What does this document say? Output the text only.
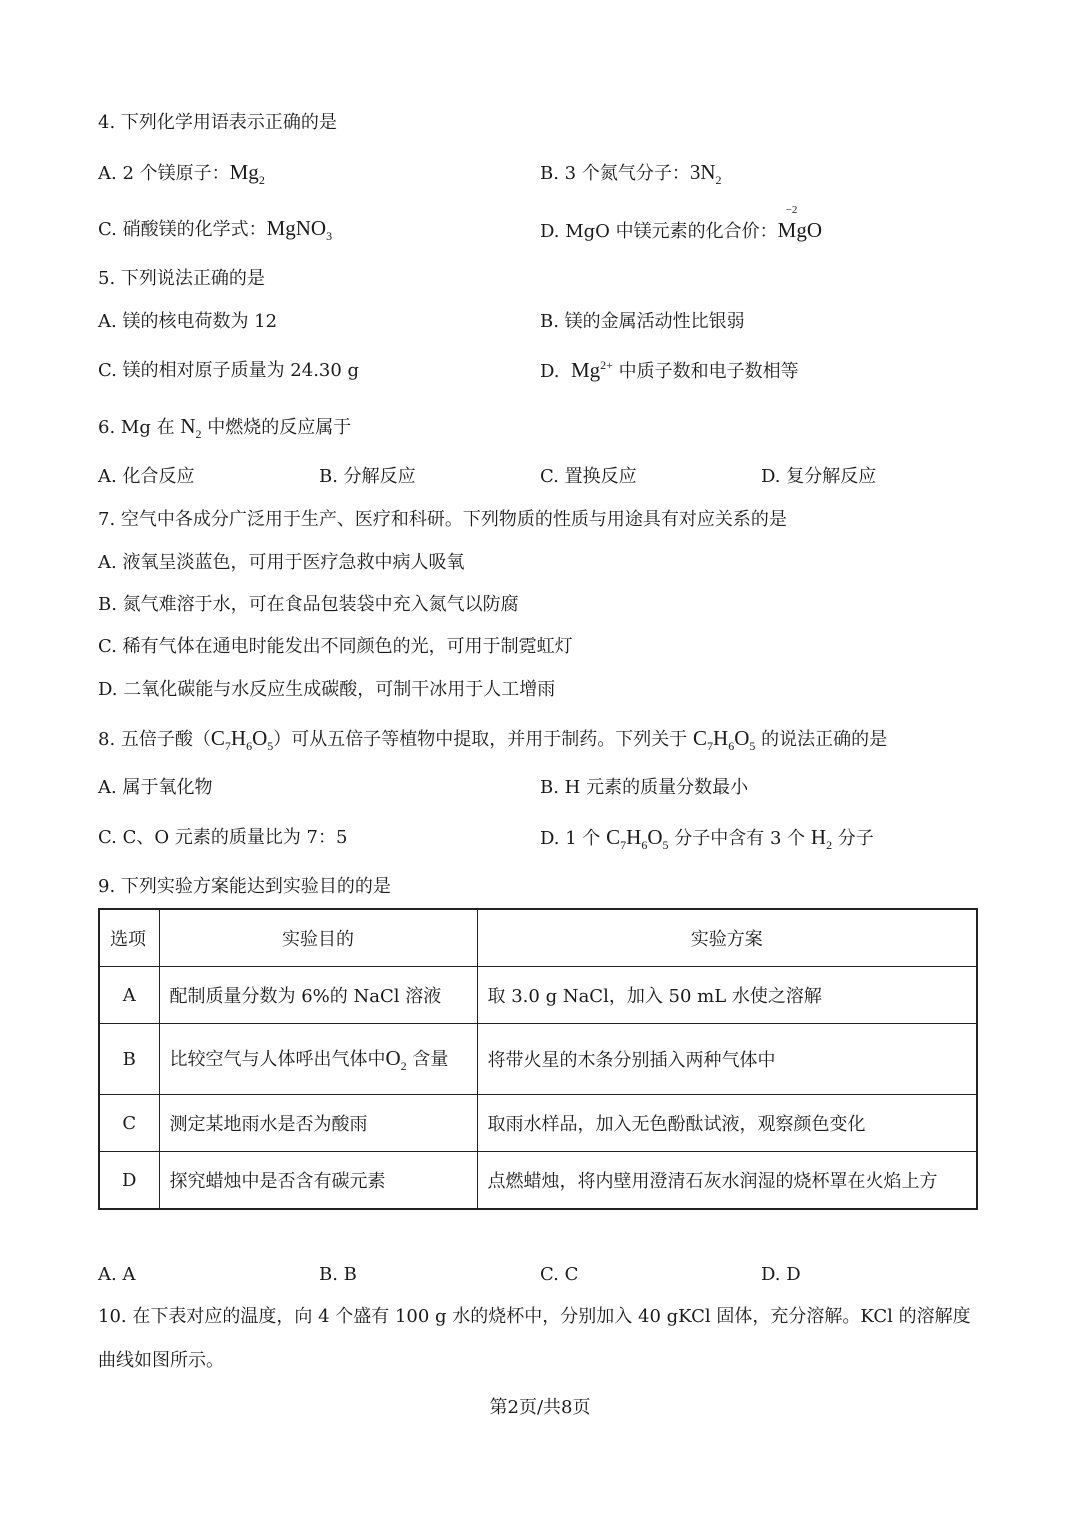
4. 下列化学用语表示正确的是
A. 2 个镁原子：$Mg_2$	B. 3 个氮气分子：$3N_2$
C. 硝酸镁的化学式：MgNO$_3$	D. MgO 中镁元素的化合价：
−2
MgO
5. 下列说法正确的是
A. 镁的核电荷数为 12	B. 镁的金属活动性比银弱
C. 镁的相对原子质量为 24.30 g	D. $Mg^{2+}$ 中质子数和电子数相等
6. Mg 在 $N_2$ 中燃烧的反应属于
A. 化合反应	B. 分解反应	C. 置换反应	D. 复分解反应
7. 空气中各成分广泛用于生产、医疗和科研。下列物质的性质与用途具有对应关系的是
A. 液氧呈淡蓝色，可用于医疗急救中病人吸氧
B. 氮气难溶于水，可在食品包装袋中充入氮气以防腐
C. 稀有气体在通电时能发出不同颜色的光，可用于制霓虹灯
D. 二氧化碳能与水反应生成碳酸，可制干冰用于人工增雨
8. 五倍子酸$(C_7H_6O_5)$可从五倍子等植物中提取，并用于制药。下列关于 $C_7H_6O_5$ 的说法正确的是
A. 属于氧化物	B. H 元素的质量分数最小
C. C、O 元素的质量比为 7：5	D. 1 个 $C_7H_6O_5$ 分子中含有 3 个 $H_2$ 分子
9. 下列实验方案能达到实验目的的是
选项	实验目的	实验方案
A	配制质量分数为 6%的 NaCl 溶液	取 3.0 g NaCl，加入 50 mL 水使之溶解
B	比较空气与人体呼出气体中$O_2$ 含量	将带火星的木条分别插入两种气体中
C	测定某地雨水是否为酸雨	取雨水样品，加入无色酚酞试液，观察颜色变化
D	探究蜡烛中是否含有碳元素	点燃蜡烛，将内壁用澄清石灰水润湿的烧杯罩在火焰上方
A. A	B. B	C. C	D. D
10. 在下表对应的温度，向 4 个盛有 100 g 水的烧杯中，分别加入 40 gKCl 固体，充分溶解。KCl 的溶解度
曲线如图所示。
第2页/共8页
